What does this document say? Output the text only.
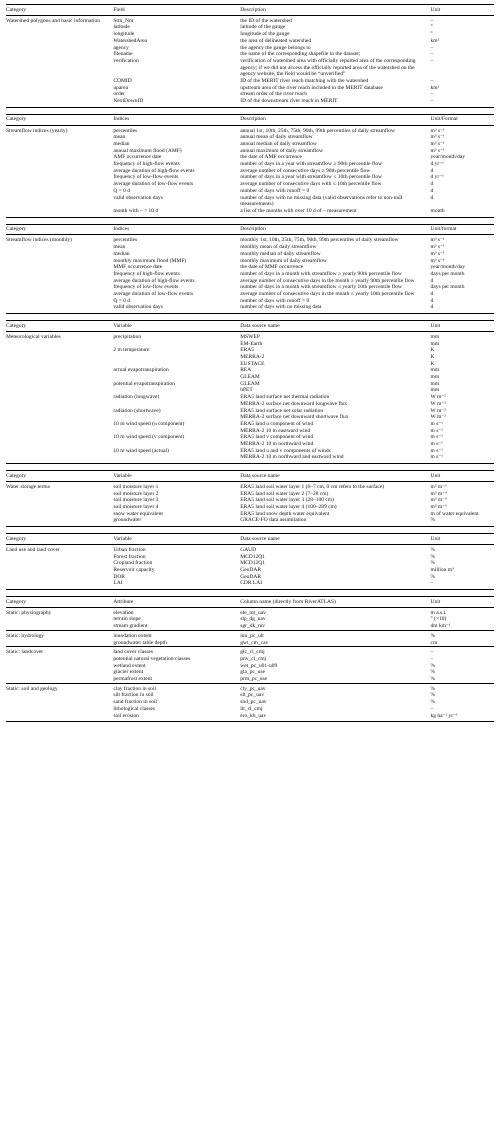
Category	Field	Description	Unit
Watershed polygons and basic information	Sttn_Nm	the ID of the watershed	–
	latitude	latitude of the gauge	°
	longitude	longitude of the gauge	°
	WatershedArea	the area of delineated watershed	km²
	agency	the agency the gauge belongs to	–
	filename	the name of the corresponding shapefile in the dataset;	–
	verification	verification of watershed area with officially reported area of the corresponding agency; if we did not access the officially reported area of the watershed on the agency website, the field would be “unverified”	–
	COMID	ID of the MERIT river reach matching with the watershed	–
	uparea	upstream area of the river reach included in the MERIT database	km²
	order	stream order of the river reach	–
	NextDownID	ID of the downstream river reach in MERIT	–
Category	Indices	Description	Unit/Format
Streamflow indices (yearly)	percentiles	annual 1st, 10th, 25th, 75th, 90th, 99th percentiles of daily streamflow	m³ s⁻¹
	mean	annual mean of daily streamflow	m³ s⁻¹
	median	annual median of daily streamflow	m³ s⁻¹
	annual maximum flood (AMF)	annual maximum of daily streamflow	m³ s⁻¹
	AMF occurrence date	the date of AMF occurrence	year/month/day
	frequency of high-flow events	number of days in a year with streamflow ≥ 90th percentile flow	d yr⁻¹
	average duration of high-flow events	average number of consecutive days ≥ 90th percentile flow	d
	frequency of low-flow events	number of days in a year with streamflow ≤ 10th percentile flow	d yr⁻¹
	average duration of low-flow events	average number of consecutive days with ≤ 10th percentile flow	d
	Q = 0 d	number of days with runoff = 0	d
	valid observation days	number of days with no missing data (valid observations refer to non-null measurements)	d
	month with – > 10 d	a list of the months with over 10 d of – measurement	month
Category	Indices	Description	Unit/format
Streamflow indices (monthly)	percentiles	monthly 1st, 10th, 25th, 75th, 90th, 99th percentiles of daily streamflow	m³ s⁻¹
	mean	monthly mean of daily streamflow	m³ s⁻¹
	median	monthly median of daily streamflow	m³ s⁻¹
	monthly maximum flood (MMF)	monthly maximum of daily streamflow	m³ s⁻¹
	MMF occurrence date	the date of MMF occurrence	year/month/day
	frequency of high-flow events	number of days in a month with streamflow ≥ yearly 90th percentile flow	days per month
	average duration of high-flow events	average number of consecutive days in the month ≥ yearly 90th percentile flow	d
	frequency of low-flow events	number of days in a month with streamflow ≤ yearly 10th percentile flow	days per month
	average duration of low-flow events	average number of consecutive days in the month ≤ yearly 10th percentile flow	d
	Q = 0 d	number of days with runoff = 0	d
	valid observation days	number of days with no missing data	d
Category	Variable	Data source name	Unit
Meteorological variables	precipitation	MSWEP	mm
		EM-Earth	mm
	2 m temperature	ERA5	K
		MERRA-2	K
		EUSTACE	K
	actual evapotranspiration	REA	mm
		GLEAM	mm
	potential evapotranspiration	GLEAM	mm
		hPET	mm
	radiation (longwave)	ERA5 land surface net thermal radiation	W m⁻²
		MERRA-2 surface net downward longwave flux	W m⁻²
	radiation (shortwave)	ERA5 land surface net solar radiation	W m⁻²
		MERRA-2 surface net downward shortwave flux	W m⁻²
	10 m wind speed (u component)	ERA5 land u component of wind	m s⁻¹
		MERRA-2 10 m eastward wind	m s⁻¹
	10 m wind speed (v component)	ERA5 land v component of wind	m s⁻¹
		MERRA-2 10 m northward wind	m s⁻¹
	10 m wind speed (actual)	ERA5 land u and v components of winds	m s⁻¹
		MERRA-2 10 m northward and eastward wind	m s⁻¹
Category	Variable	Data source name	Unit
Water storage terms	soil moisture layer 1	ERA5 land soil water layer 1 (0–7 cm, 0 cm refers to the surface)	m³ m⁻³
	soil moisture layer 2	ERA5 land soil water layer 2 (7–28 cm)	m³ m⁻³
	soil moisture layer 3	ERA5 land soil water layer 3 (28–100 cm)	m³ m⁻³
	soil moisture layer 4	ERA5 land soil water layer 4 (100–289 cm)	m³ m⁻³
	snow water equivalent	ERA5 land snow depth water equivalent	m of water equivalent
	groundwater	GRACE-FO data assimilation	%
Category	Variable	Data source name	Unit
Land use and land cover	Urban fraction	GAUD	%
	Forest fraction	MCD12Q1	%
	Cropland fraction	MCD12Q1	%
	Reservoir capacity	GeoDAR	million m³
	DOR	GeoDAR	%
	LAI	CDR LAI	–
Category	Attribute	Column name (directly from RiverATLAS)	Unit
Static: physiography	elevation	ele_mt_uav	m a.s.l.
	terrain slope	slp_dg_uav	° (×10)
	stream gradient	sgr_dk_rav	dm km⁻¹
Static: hydrology	inundation extent	inu_pc_ult	%
	groundwater table depth	gwt_cm_cav	cm
Static: landcover	land cover classes	glc_cl_cmj	–
	potential natural vegetation classes	pnv_cl_cmj	–
	wetland extent	wet_pc_u01-u09	%
	glacier extent	gla_pc_use	%
	permafrost extent	prm_pc_use	%
Static: soil and geology	clay fraction in soil	cly_pc_uav	%
	silt fraction in soil	slt_pc_uav	%
	sand fraction in soil	snd_pc_uav	%
	lithological classes	lit_cl_cmj	–
	soil erosion	ero_kh_uav	kg ha⁻¹ yr⁻¹
